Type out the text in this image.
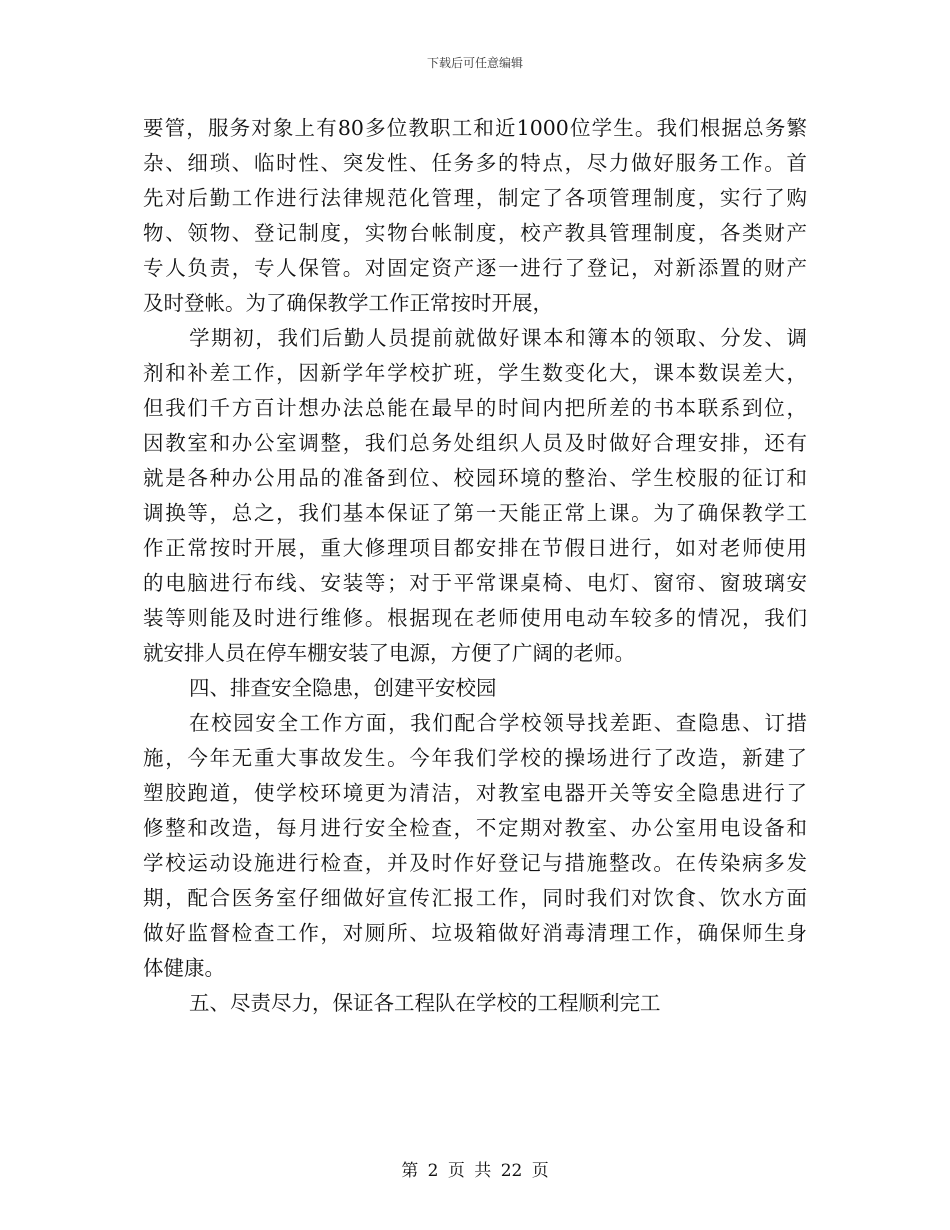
下载后可任意编辑
要管，服务对象上有80多位教职工和近1000位学生。我们根据总务繁
杂、细琐、临时性、突发性、任务多的特点，尽力做好服务工作。首
先对后勤工作进行法律规范化管理，制定了各项管理制度，实行了购
物、领物、登记制度，实物台帐制度，校产教具管理制度，各类财产
专人负责，专人保管。对固定资产逐一进行了登记，对新添置的财产
及时登帐。为了确保教学工作正常按时开展，
学期初，我们后勤人员提前就做好课本和簿本的领取、分发、调
剂和补差工作，因新学年学校扩班，学生数变化大，课本数误差大，
但我们千方百计想办法总能在最早的时间内把所差的书本联系到位，
因教室和办公室调整，我们总务处组织人员及时做好合理安排，还有
就是各种办公用品的准备到位、校园环境的整治、学生校服的征订和
调换等，总之，我们基本保证了第一天能正常上课。为了确保教学工
作正常按时开展，重大修理项目都安排在节假日进行，如对老师使用
的电脑进行布线、安装等；对于平常课桌椅、电灯、窗帘、窗玻璃安
装等则能及时进行维修。根据现在老师使用电动车较多的情况，我们
就安排人员在停车棚安装了电源，方便了广阔的老师。
四、排查安全隐患，创建平安校园
在校园安全工作方面，我们配合学校领导找差距、查隐患、订措
施，今年无重大事故发生。今年我们学校的操场进行了改造，新建了
塑胶跑道，使学校环境更为清洁，对教室电器开关等安全隐患进行了
修整和改造，每月进行安全检查，不定期对教室、办公室用电设备和
学校运动设施进行检查，并及时作好登记与措施整改。在传染病多发
期，配合医务室仔细做好宣传汇报工作，同时我们对饮食、饮水方面
做好监督检查工作，对厕所、垃圾箱做好消毒清理工作，确保师生身
体健康。
五、尽责尽力，保证各工程队在学校的工程顺利完工
第 2 页 共 22 页
